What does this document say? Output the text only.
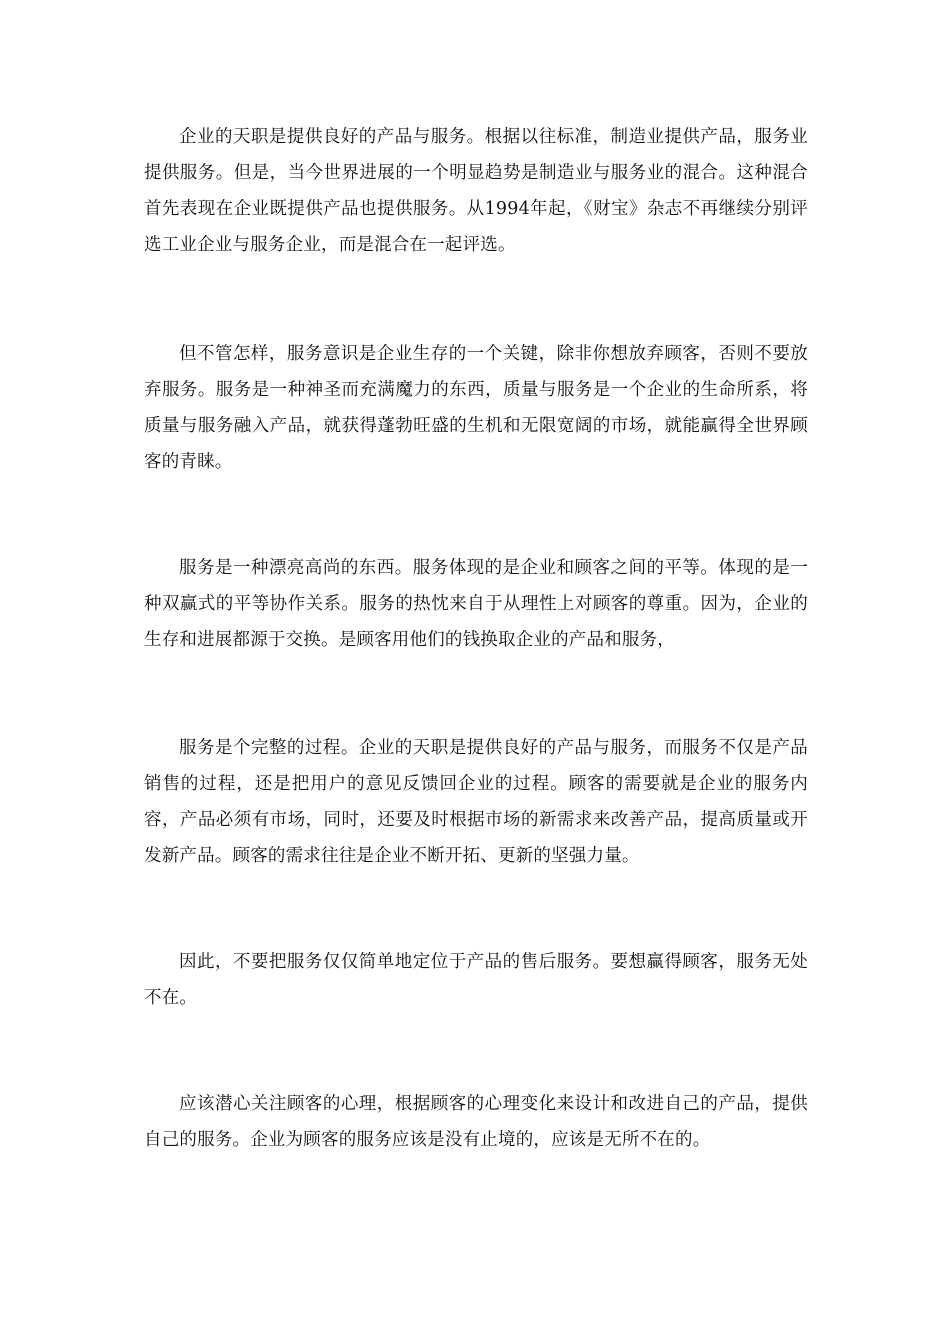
企业的天职是提供良好的产品与服务。根据以往标准，制造业提供产品，服务业提供服务。但是，当今世界进展的一个明显趋势是制造业与服务业的混合。这种混合首先表现在企业既提供产品也提供服务。从1994年起，《财宝》杂志不再继续分别评选工业企业与服务企业，而是混合在一起评选。

但不管怎样，服务意识是企业生存的一个关键，除非你想放弃顾客，否则不要放弃服务。服务是一种神圣而充满魔力的东西，质量与服务是一个企业的生命所系，将质量与服务融入产品，就获得蓬勃旺盛的生机和无限宽阔的市场，就能赢得全世界顾客的青睐。

服务是一种漂亮高尚的东西。服务体现的是企业和顾客之间的平等。体现的是一种双赢式的平等协作关系。服务的热忱来自于从理性上对顾客的尊重。因为，企业的生存和进展都源于交换。是顾客用他们的钱换取企业的产品和服务，

服务是个完整的过程。企业的天职是提供良好的产品与服务，而服务不仅是产品销售的过程，还是把用户的意见反馈回企业的过程。顾客的需要就是企业的服务内容，产品必须有市场，同时，还要及时根据市场的新需求来改善产品，提高质量或开发新产品。顾客的需求往往是企业不断开拓、更新的坚强力量。

因此，不要把服务仅仅简单地定位于产品的售后服务。要想赢得顾客，服务无处不在。

应该潜心关注顾客的心理，根据顾客的心理变化来设计和改进自己的产品，提供自己的服务。企业为顾客的服务应该是没有止境的，应该是无所不在的。
